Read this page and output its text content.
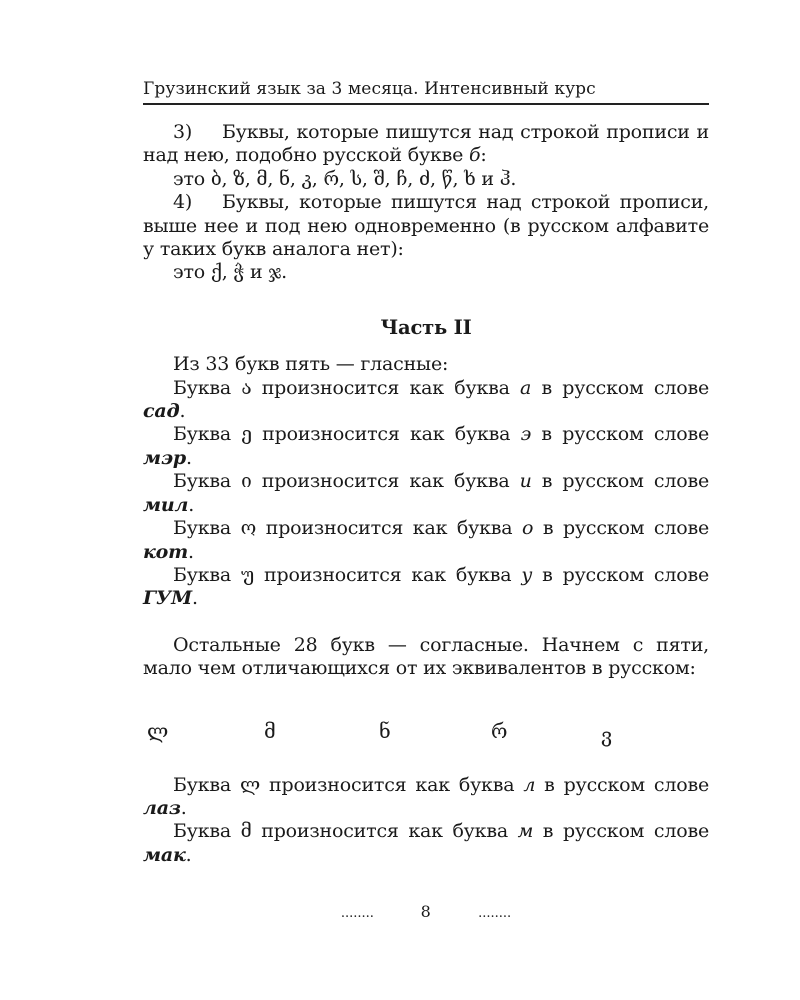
Грузинский язык за 3 месяца. Интенсивный курс

3) Буквы, которые пишутся над строкой прописи и над нею, подобно русской букве б:

это ბ, ზ, მ, ნ, კ, რ, ს, შ, ჩ, ძ, წ, ხ и ჰ.

4) Буквы, которые пишутся над строкой прописи, выше нее и под нею одновременно (в русском алфавите у таких букв аналога нет):

это ქ, ჭ и ჯ.

Часть II

Из 33 букв пять — гласные:

Буква ა произносится как буква а в русском слове сад.

Буква ე произносится как буква э в русском слове мэр.

Буква ი произносится как буква и в русском слове мил.

Буква ო произносится как буква о в русском слове кот.

Буква უ произносится как буква у в русском слове ГУМ.

Остальные 28 букв — согласные. Начнем с пяти, мало чем отличающихся от их эквивалентов в русском:

ლ	მ	ნ	რ	ვ

Буква ლ произносится как буква л в русском слове лаз.

Буква მ произносится как буква м в русском слове мак.

........	8	........
